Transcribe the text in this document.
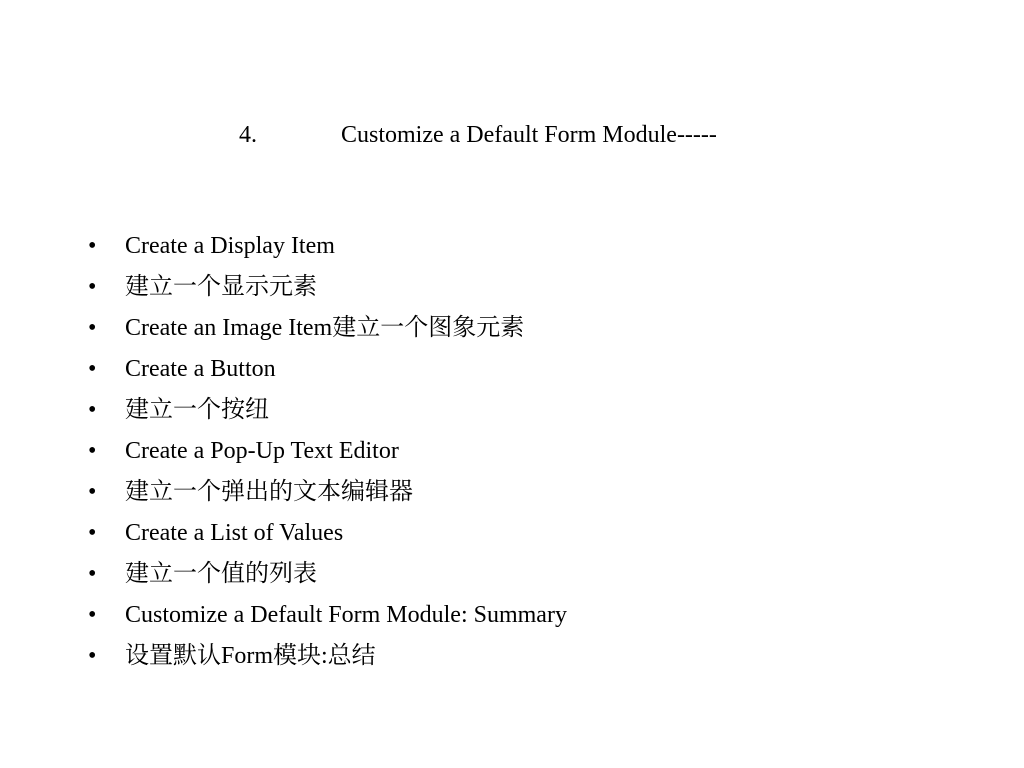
4.	Customize a Default Form Module-----
• Create a Display Item
• 建立一个显示元素
• Create an Image Item建立一个图象元素
• Create a Button
• 建立一个按纽
• Create a Pop-Up Text Editor
• 建立一个弹出的文本编辑器
• Create a List of Values
• 建立一个值的列表
• Customize a Default Form Module: Summary
• 设置默认Form模块:总结
